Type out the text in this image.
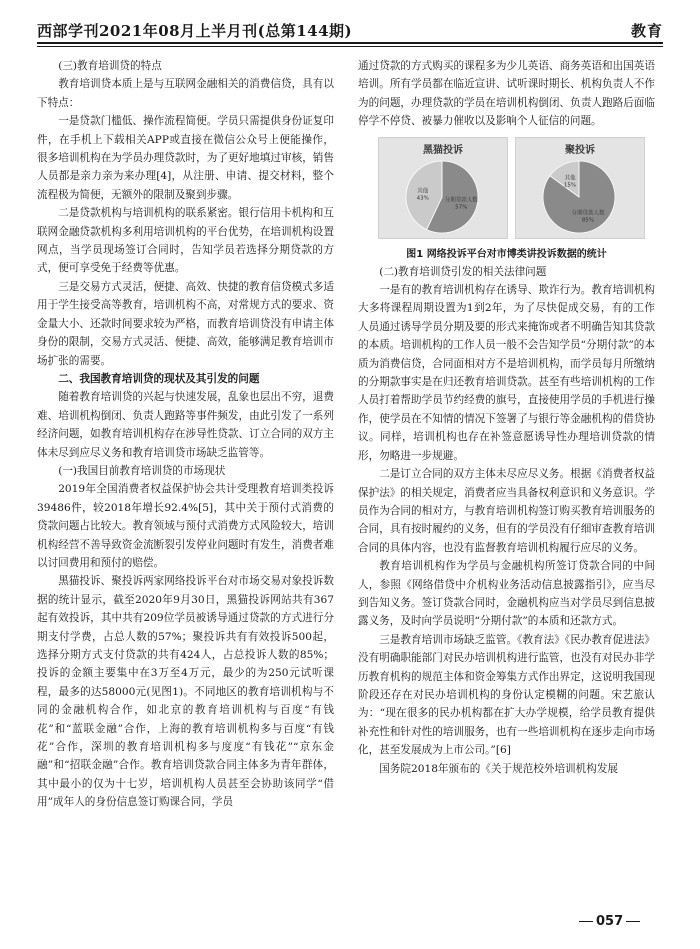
西部学刊2021年08月上半月刊(总第144期)	教育

(三)教育培训贷的特点

教育培训贷本质上是与互联网金融相关的消费信贷，具有以下特点：

一是贷款门槛低、操作流程简便。学员只需提供身份证复印件，在手机上下载相关APP或直接在微信公众号上便能操作，很多培训机构在为学员办理贷款时，为了更好地填过审核，销售人员都是亲力亲为来办理[4]，从注册、申请、提交材料，整个流程极为简便，无额外的限制及聚到步骤。

二是贷款机构与培训机构的联系紧密。银行信用卡机构和互联网金融贷款机构多利用培训机构的平台优势，在培训机构设置网点，当学员现场签订合同时，告知学员若选择分期贷款的方式，便可享受免于经费等优惠。

三是交易方式灵活，便捷、高效、快捷的教育信贷模式多适用于学生接受高等教育，培训机构不高，对常规方式的要求、资金量大小、还款时间要求较为严格，而教育培训贷没有申请主体身份的限制，交易方式灵活、便捷、高效，能够满足教育培训市场扩张的需要。

二、我国教育培训贷的现状及其引发的问题

随着教育培训贷的兴起与快速发展，乱象也层出不穷，退费难、培训机构倒闭、负责人跑路等事件频发，由此引发了一系列经济问题，如教育培训机构存在涉导性贷款、订立合同的双方主体未尽到应尽义务和教育培训贷市场缺乏监管等。

(一)我国目前教育培训贷的市场现状

2019年全国消费者权益保护协会共计受理教育培训类投诉39486件，较2018年增长92.4%[5]，其中关于预付式消费的贷款问题占比较大。教育领域与预付式消费方式风险较大，培训机构经营不善导致资金流断裂引发停业问题时有发生，消费者难以讨回费用和预付的赔偿。

黑猫投诉、聚投诉两家网络投诉平台对市场交易对象投诉数据的统计显示，截至2020年9月30日，黑猫投诉网站共有367起有效投诉，其中共有209位学员被诱导通过贷款的方式进行分期支付学费，占总人数的57%；聚投诉共有有效投诉500起，选择分期方式支付贷款的共有424人，占总投诉人数的85%；投诉的金额主要集中在3万至4万元，最少的为250元试听课程，最多的达58000元(见图1)。不同地区的教育培训机构与不同的金融机构合作，如北京的教育培训机构与百度“有钱花”和“蓝联金融”合作，上海的教育培训机构多与百度“有钱花”合作，深圳的教育培训机构多与度度“有钱花”“京东金融”和“招联金融”合作。教育培训贷款合同主体多为青年群体，其中最小的仅为十七岁，培训机构人员甚至会协助该同学“借用”成年人的身份信息签订购课合同，学员

通过贷款的方式购买的课程多为少儿英语、商务英语和出国英语培训。所有学员都在临近宣讲、试听课时期长、机构负责人不作为的问题，办理贷款的学员在培训机构倒闭、负责人跑路后面临停学不停贷、被暴力催收以及影响个人征信的问题。

黑猫投诉
分期贷款人数
57%
其他
43%
聚投诉
分期贷款人数
85%
其他
15%

图1 网络投诉平台对市博类讲投诉数据的统计

(二)教育培训贷引发的相关法律问题

一是有的教育培训机构存在诱导、欺诈行为。教育培训机构大多将课程周期设置为1到2年，为了尽快促成交易，有的工作人员通过诱导学员分期及要的形式来掩饰或者不明确告知其贷款的本质。培训机构的工作人员一般不会告知学员“分期付款”的本质为消费信贷，合同面相对方不是培训机构，而学员每月所缴纳的分期款事实是在归还教育培训贷款。甚至有些培训机构的工作人员打着帮助学员节约经费的旗号，直接使用学员的手机进行操作，使学员在不知情的情况下签署了与银行等金融机构的借贷协议。同样，培训机构也存在补签意愿诱导性办理培训贷款的情形，勿略进一步规避。

二是订立合同的双方主体未尽应尽义务。根据《消费者权益保护法》的相关规定，消费者应当具备权利意识和义务意识。学员作为合同的相对方，与教育培训机构签订购买教育培训服务的合同，具有按时履约的义务，但有的学员没有仔细审查教育培训合同的具体内容，也没有监督教育培训机构履行应尽的义务。

教育培训机构作为学员与金融机构所签订贷款合同的中间人，参照《网络借贷中介机构业务活动信息披露指引》，应当尽到告知义务。签订贷款合同时，金融机构应当对学员尽到信息披露义务，及时向学员说明“分期付款”的本质和还款方式。

三是教育培训市场缺乏监管。《教育法》《民办教育促进法》没有明确职能部门对民办培训机构进行监管，也没有对民办非学历教育机构的规范主体和资金筹集方式作出界定，这说明我国现阶段还存在对民办培训机构的身份认定模糊的问题。宋艺旅认为：“现在很多的民办机构都在扩大办学规模，给学员教育提供补充性和针对性的培训服务，也有一些培训机构在逐步走向市场化，甚至发展成为上市公司。”[6]

国务院2018年颁布的《关于规范校外培训机构发展

057
